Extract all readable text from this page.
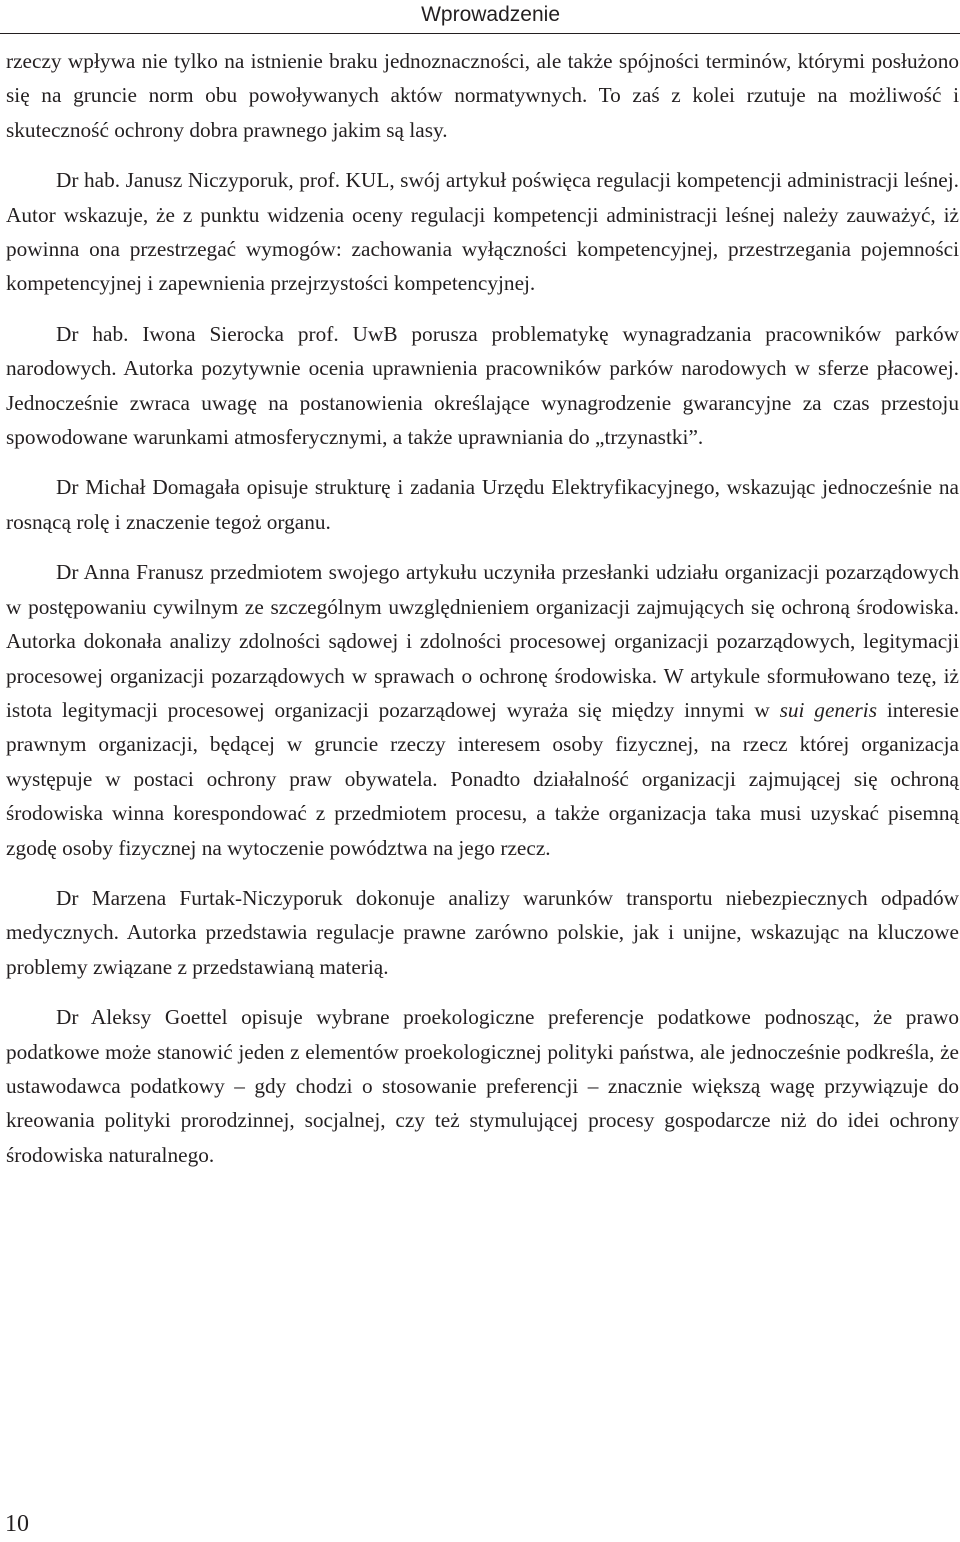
Wprowadzenie

rzeczy wpływa nie tylko na istnienie braku jednoznaczności, ale także spójności terminów, którymi posłużono się na gruncie norm obu powoływanych aktów normatywnych. To zaś z kolei rzutuje na możliwość i skuteczność ochrony dobra prawnego jakim są lasy.

Dr hab. Janusz Niczyporuk, prof. KUL, swój artykuł poświęca regulacji kompetencji administracji leśnej. Autor wskazuje, że z punktu widzenia oceny regulacji kompetencji administracji leśnej należy zauważyć, iż powinna ona przestrzegać wymogów: zachowania wyłączności kompetencyjnej, przestrzegania pojemności kompetencyjnej i zapewnienia przejrzystości kompetencyjnej.

Dr hab. Iwona Sierocka prof. UwB porusza problematykę wynagradzania pracowników parków narodowych. Autorka pozytywnie ocenia uprawnienia pracowników parków narodowych w sferze płacowej. Jednocześnie zwraca uwagę na postanowienia określające wynagrodzenie gwarancyjne za czas przestoju spowodowane warunkami atmosferycznymi, a także uprawniania do „trzynastki”.

Dr Michał Domagała opisuje strukturę i zadania Urzędu Elektryfikacyjnego, wskazując jednocześnie na rosnącą rolę i znaczenie tegoż organu.

Dr Anna Franusz przedmiotem swojego artykułu uczyniła przesłanki udziału organizacji pozarządowych w postępowaniu cywilnym ze szczególnym uwzględnieniem organizacji zajmujących się ochroną środowiska. Autorka dokonała analizy zdolności sądowej i zdolności procesowej organizacji pozarządowych, legitymacji procesowej organizacji pozarządowych w sprawach o ochronę środowiska. W artykule sformułowano tezę, iż istota legitymacji procesowej organizacji pozarządowej wyraża się między innymi w sui generis interesie prawnym organizacji, będącej w gruncie rzeczy interesem osoby fizycznej, na rzecz której organizacja występuje w postaci ochrony praw obywatela. Ponadto działalność organizacji zajmującej się ochroną środowiska winna korespondować z przedmiotem procesu, a także organizacja taka musi uzyskać pisemną zgodę osoby fizycznej na wytoczenie powództwa na jego rzecz.

Dr Marzena Furtak-Niczyporuk dokonuje analizy warunków transportu niebezpiecznych odpadów medycznych. Autorka przedstawia regulacje prawne zarówno polskie, jak i unijne, wskazując na kluczowe problemy związane z przedstawianą materią.

Dr Aleksy Goettel opisuje wybrane proekologiczne preferencje podatkowe podnosząc, że prawo podatkowe może stanowić jeden z elementów proekologicznej polityki państwa, ale jednocześnie podkreśla, że ustawodawca podatkowy – gdy chodzi o stosowanie preferencji – znacznie większą wagę przywiązuje do kreowania polityki prorodzinnej, socjalnej, czy też stymulującej procesy gospodarcze niż do idei ochrony środowiska naturalnego.

10
